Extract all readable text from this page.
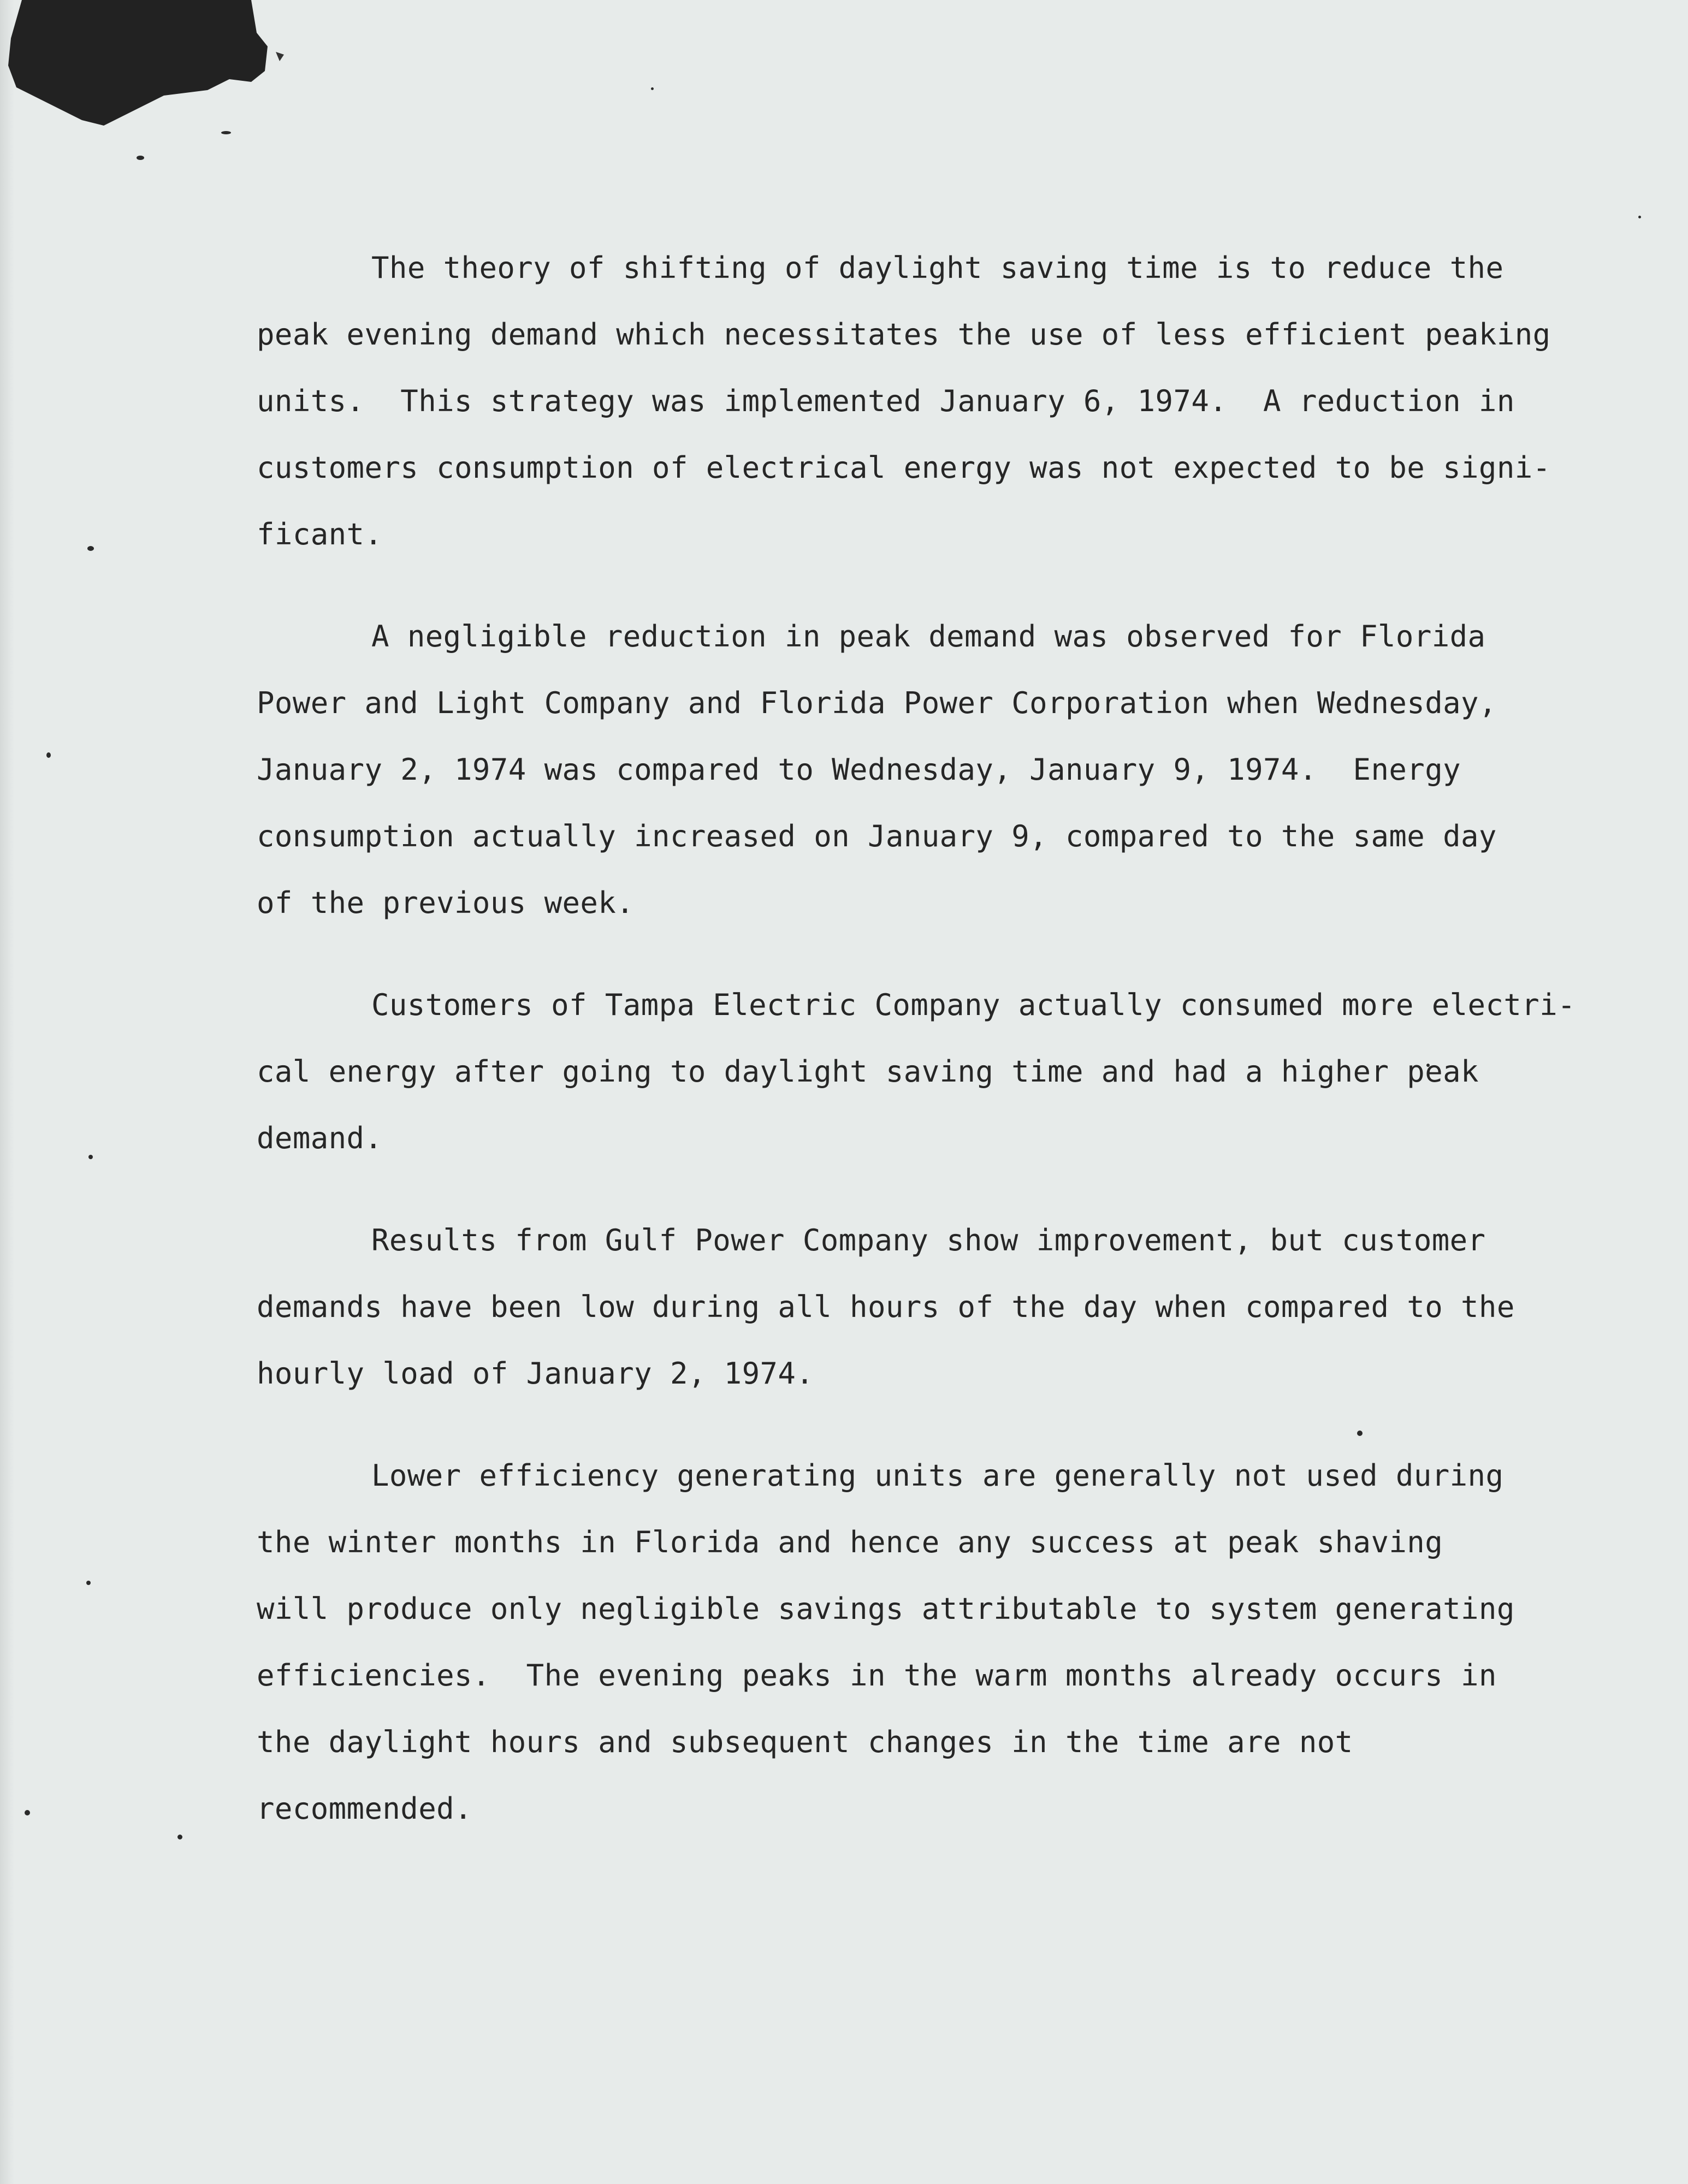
The theory of shifting of daylight saving time is to reduce the
peak evening demand which necessitates the use of less efficient peaking
units.  This strategy was implemented January 6, 1974.  A reduction in
customers consumption of electrical energy was not expected to be signi-
ficant.
A negligible reduction in peak demand was observed for Florida
Power and Light Company and Florida Power Corporation when Wednesday,
January 2, 1974 was compared to Wednesday, January 9, 1974.  Energy
consumption actually increased on January 9, compared to the same day
of the previous week.
Customers of Tampa Electric Company actually consumed more electri-
cal energy after going to daylight saving time and had a higher peak
demand.
Results from Gulf Power Company show improvement, but customer
demands have been low during all hours of the day when compared to the
hourly load of January 2, 1974.
Lower efficiency generating units are generally not used during
the winter months in Florida and hence any success at peak shaving
will produce only negligible savings attributable to system generating
efficiencies.  The evening peaks in the warm months already occurs in
the daylight hours and subsequent changes in the time are not
recommended.
